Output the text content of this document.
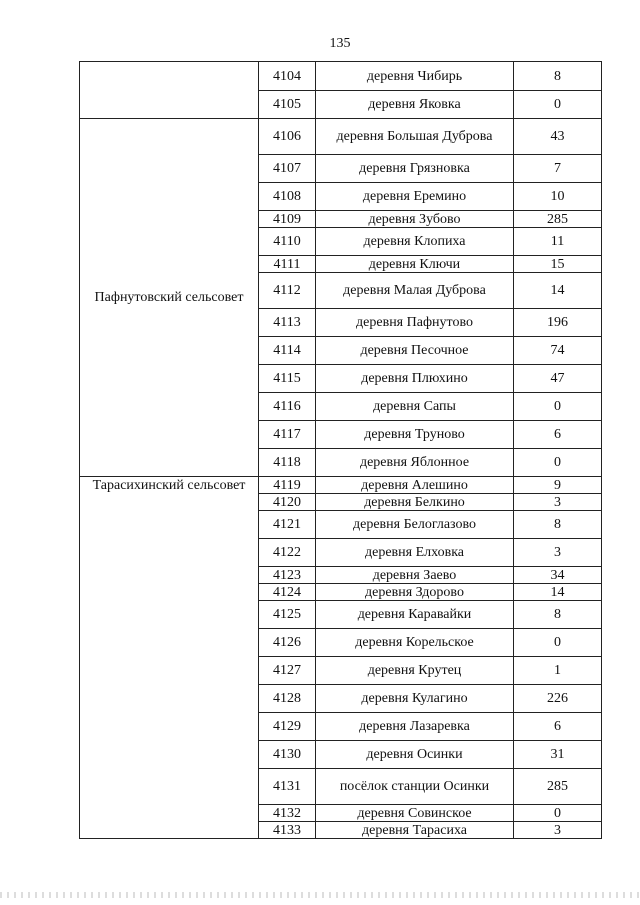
135
	4104	деревня Чибирь	8
	4105	деревня Яковка	0
Пафнутовский сельсовет	4106	деревня Большая Дуброва	43
	4107	деревня Грязновка	7
	4108	деревня Еремино	10
	4109	деревня Зубово	285
	4110	деревня Клопиха	11
	4111	деревня Ключи	15
	4112	деревня Малая Дуброва	14
	4113	деревня Пафнутово	196
	4114	деревня Песочное	74
	4115	деревня Плюхино	47
	4116	деревня Сапы	0
	4117	деревня Труново	6
	4118	деревня Яблонное	0
Тарасихинский сельсовет	4119	деревня Алешино	9
	4120	деревня Белкино	3
	4121	деревня Белоглазово	8
	4122	деревня Елховка	3
	4123	деревня Заево	34
	4124	деревня Здорово	14
	4125	деревня Каравайки	8
	4126	деревня Корельское	0
	4127	деревня Крутец	1
	4128	деревня Кулагино	226
	4129	деревня Лазаревка	6
	4130	деревня Осинки	31
	4131	посёлок станции Осинки	285
	4132	деревня Совинское	0
	4133	деревня Тарасиха	3
